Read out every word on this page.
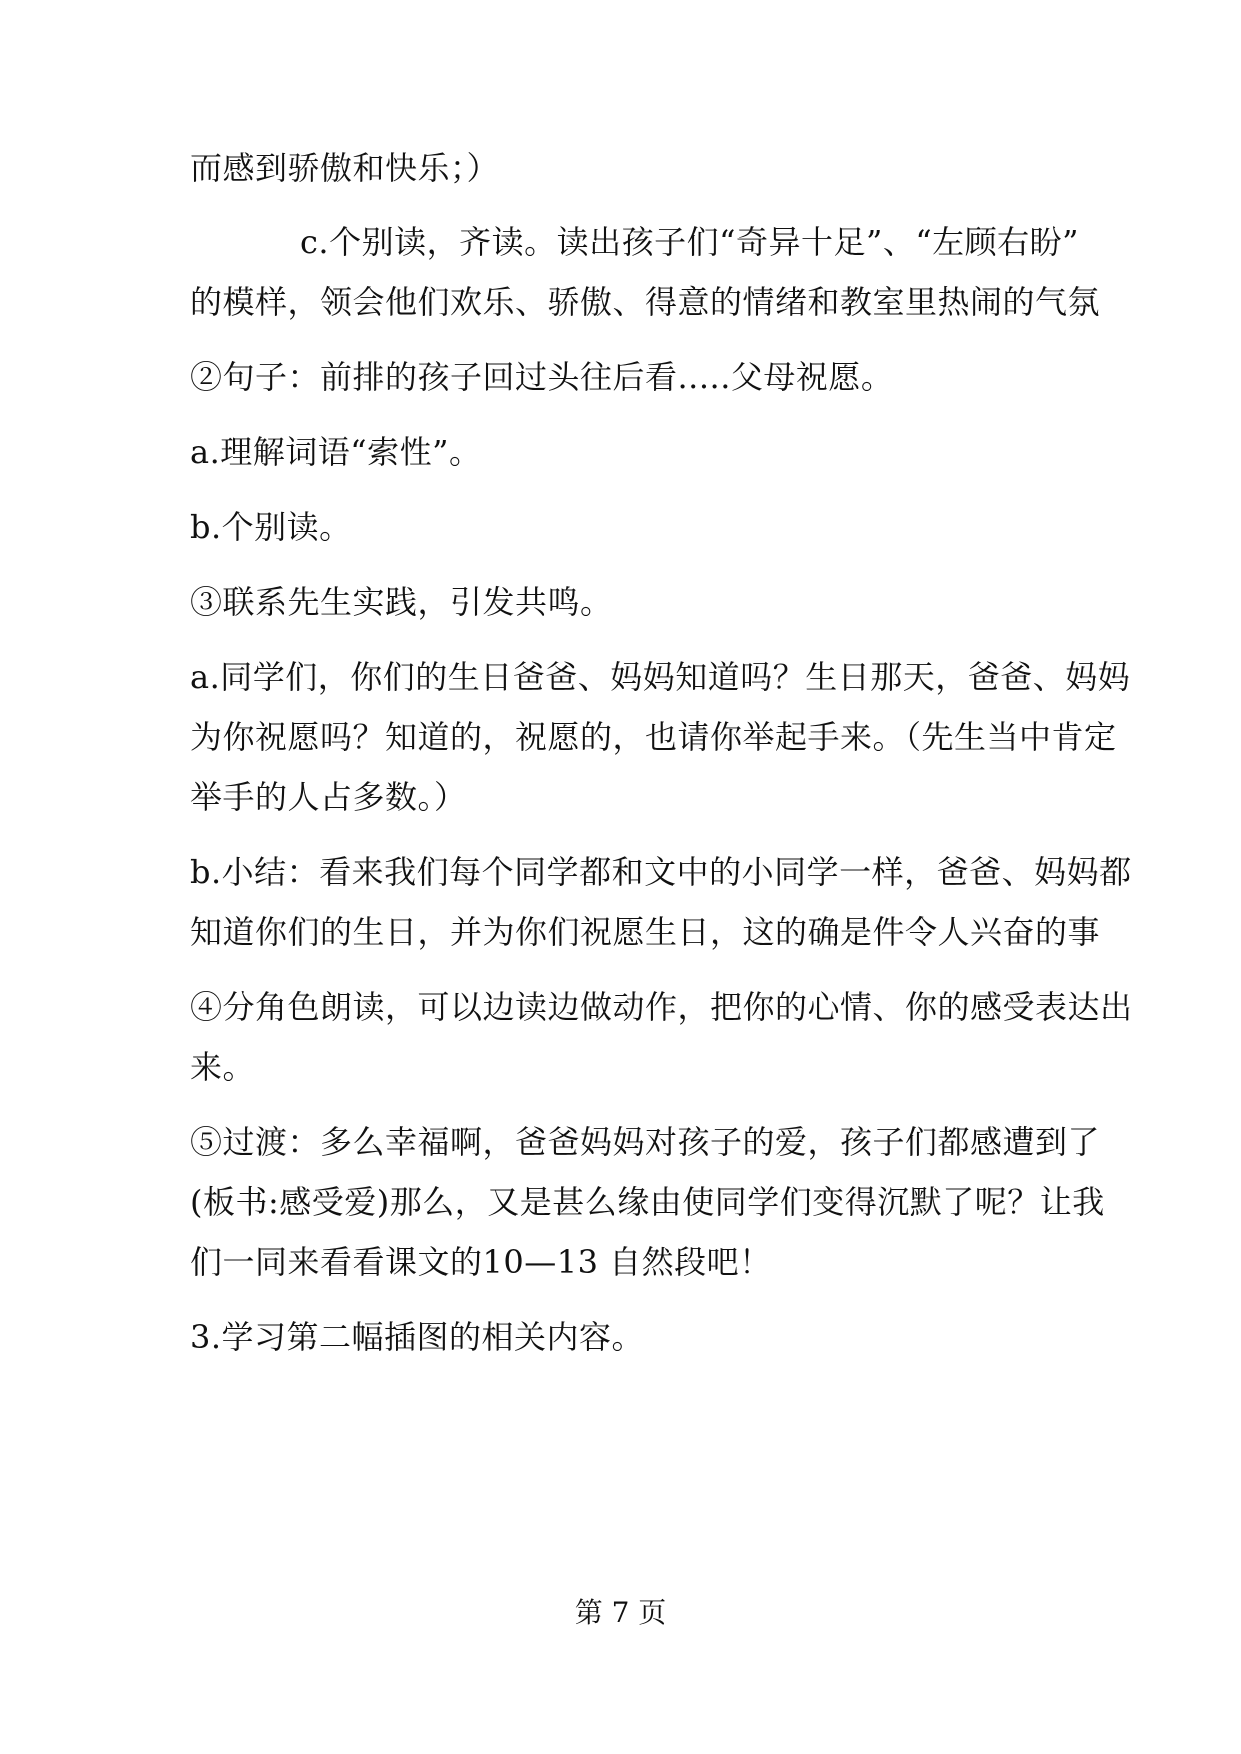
而感到骄傲和快乐；）
c.个别读，齐读。读出孩子们“奇异十足”、“左顾右盼”
的模样，领会他们欢乐、骄傲、得意的情绪和教室里热闹的气氛
②句子：前排的孩子回过头往后看.....父母祝愿。
a.理解词语“索性”。
b.个别读。
③联系先生实践，引发共鸣。
a.同学们，你们的生日爸爸、妈妈知道吗？生日那天，爸爸、妈妈
为你祝愿吗？知道的，祝愿的，也请你举起手来。（先生当中肯定
举手的人占多数。）
b.小结：看来我们每个同学都和文中的小同学一样，爸爸、妈妈都
知道你们的生日，并为你们祝愿生日，这的确是件令人兴奋的事
④分角色朗读，可以边读边做动作，把你的心情、你的感受表达出
来。
⑤过渡：多么幸福啊，爸爸妈妈对孩子的爱，孩子们都感遭到了
(板书:感受爱)那么，又是甚么缘由使同学们变得沉默了呢？让我
们一同来看看课文的10—13 自然段吧！
3.学习第二幅插图的相关内容。
第 7 页
